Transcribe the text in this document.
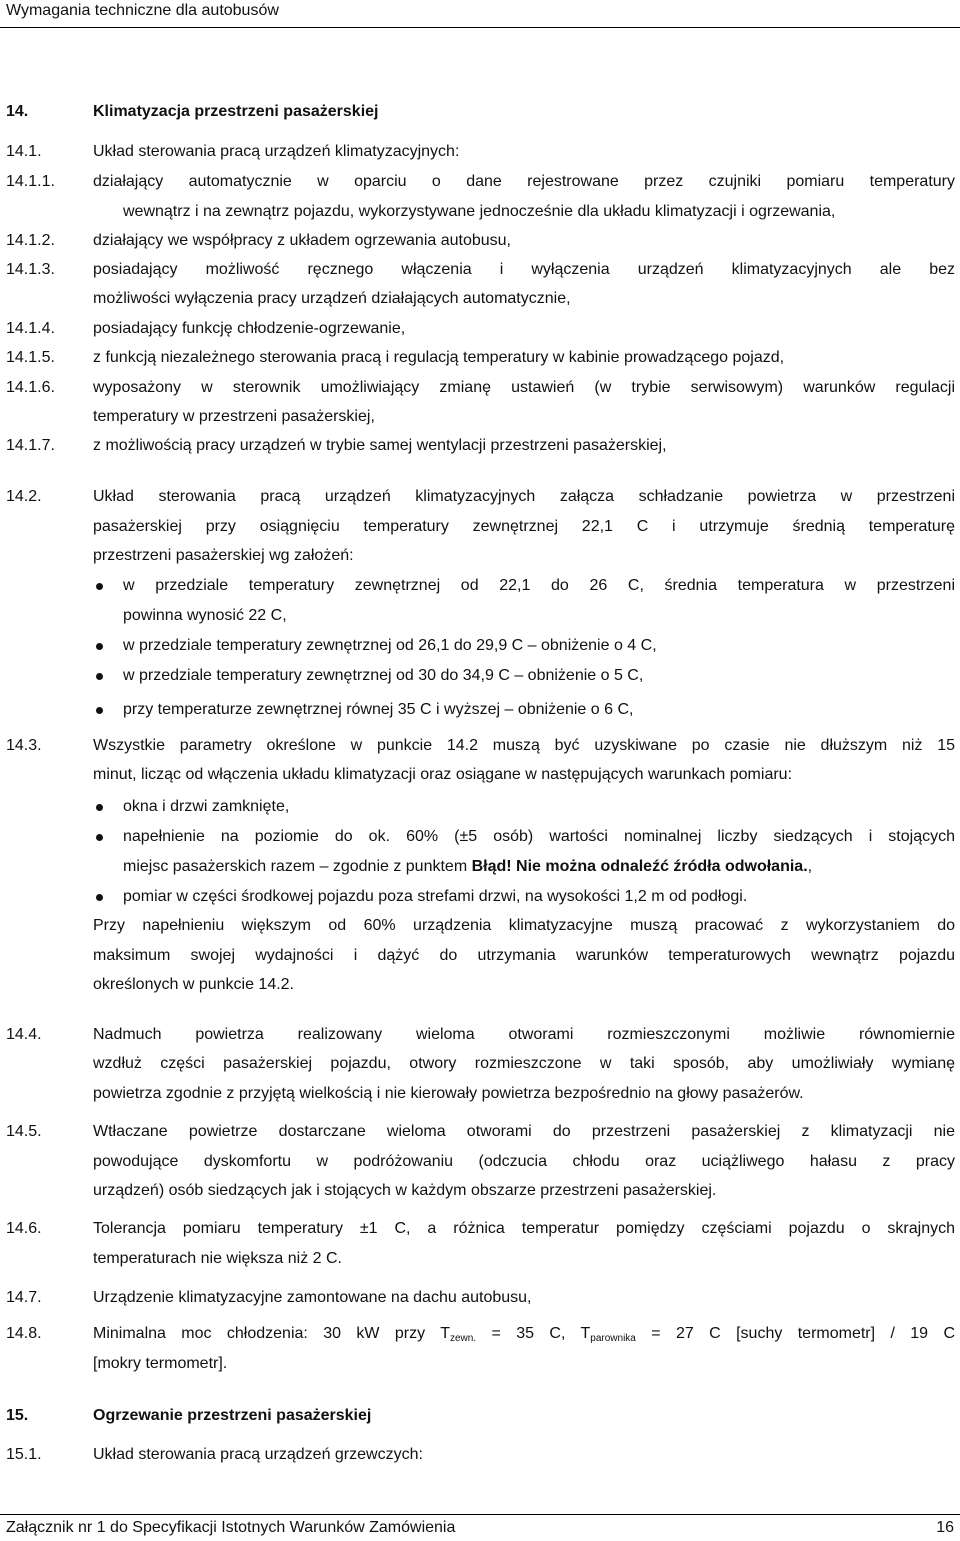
Wymagania techniczne dla autobusów
14.	Klimatyzacja przestrzeni pasażerskiej
14.1.	Układ sterowania pracą urządzeń klimatyzacyjnych:
14.1.1. działający automatycznie w oparciu o dane rejestrowane przez czujniki pomiaru temperatury
wewnątrz i na zewnątrz pojazdu, wykorzystywane jednocześnie dla układu klimatyzacji i ogrzewania,
14.1.2. działający we współpracy z układem ogrzewania autobusu,
14.1.3. posiadający możliwość ręcznego włączenia i wyłączenia urządzeń klimatyzacyjnych ale bez
możliwości wyłączenia pracy urządzeń działających automatycznie,
14.1.4. posiadający funkcję chłodzenie-ogrzewanie,
14.1.5. z funkcją niezależnego sterowania pracą i regulacją temperatury w kabinie prowadzącego pojazd,
14.1.6. wyposażony w sterownik umożliwiający zmianę ustawień (w trybie serwisowym) warunków regulacji
temperatury w przestrzeni pasażerskiej,
14.1.7. z możliwością pracy urządzeń w trybie samej wentylacji przestrzeni pasażerskiej,
14.2.	Układ sterowania pracą urządzeń klimatyzacyjnych załącza schładzanie powietrza w przestrzeni
pasażerskiej przy osiągnięciu temperatury zewnętrznej 22,1 C i utrzymuje średnią temperaturę
przestrzeni pasażerskiej wg założeń:
w przedziale temperatury zewnętrznej od 22,1 do 26 C, średnia temperatura w przestrzeni
powinna wynosić 22 C,
w przedziale temperatury zewnętrznej od 26,1 do 29,9 C – obniżenie o 4 C,
w przedziale temperatury zewnętrznej od 30 do 34,9 C – obniżenie o 5 C,
przy temperaturze zewnętrznej równej 35 C i wyższej – obniżenie o 6 C,
14.3.	Wszystkie parametry określone w punkcie 14.2 muszą być uzyskiwane po czasie nie dłuższym niż 15
minut, licząc od włączenia układu klimatyzacji oraz osiągane w następujących warunkach pomiaru:
okna i drzwi zamknięte,
napełnienie na poziomie do ok. 60% (±5 osób) wartości nominalnej liczby siedzących i stojących
miejsc pasażerskich razem – zgodnie z punktem Błąd! Nie można odnaleźć źródła odwołania.,
pomiar w części środkowej pojazdu poza strefami drzwi, na wysokości 1,2 m od podłogi.
Przy napełnieniu większym od 60% urządzenia klimatyzacyjne muszą pracować z wykorzystaniem do
maksimum swojej wydajności i dążyć do utrzymania warunków temperaturowych wewnątrz pojazdu
określonych w punkcie 14.2.
14.4.	Nadmuch powietrza realizowany wieloma otworami rozmieszczonymi możliwie równomiernie
wzdłuż części pasażerskiej pojazdu, otwory rozmieszczone w taki sposób, aby umożliwiały wymianę
powietrza zgodnie z przyjętą wielkością i nie kierowały powietrza bezpośrednio na głowy pasażerów.
14.5.	Wtłaczane powietrze dostarczane wieloma otworami do przestrzeni pasażerskiej z klimatyzacji nie
powodujące dyskomfortu w podróżowaniu (odczucia chłodu oraz uciążliwego hałasu z pracy
urządzeń) osób siedzących jak i stojących w każdym obszarze przestrzeni pasażerskiej.
14.6.	Tolerancja pomiaru temperatury ±1 C, a różnica temperatur pomiędzy częściami pojazdu o skrajnych
temperaturach nie większa niż 2 C.
14.7.	Urządzenie klimatyzacyjne zamontowane na dachu autobusu,
14.8.	Minimalna moc chłodzenia: 30 kW przy $T_{zewn.} = 35$ C, $T_{parownika} = 27$ C [suchy termometr] / 19 C
[mokry termometr].
15.	Ogrzewanie przestrzeni pasażerskiej
15.1.	Układ sterowania pracą urządzeń grzewczych:
Załącznik nr 1 do Specyfikacji Istotnych Warunków Zamówienia	16
